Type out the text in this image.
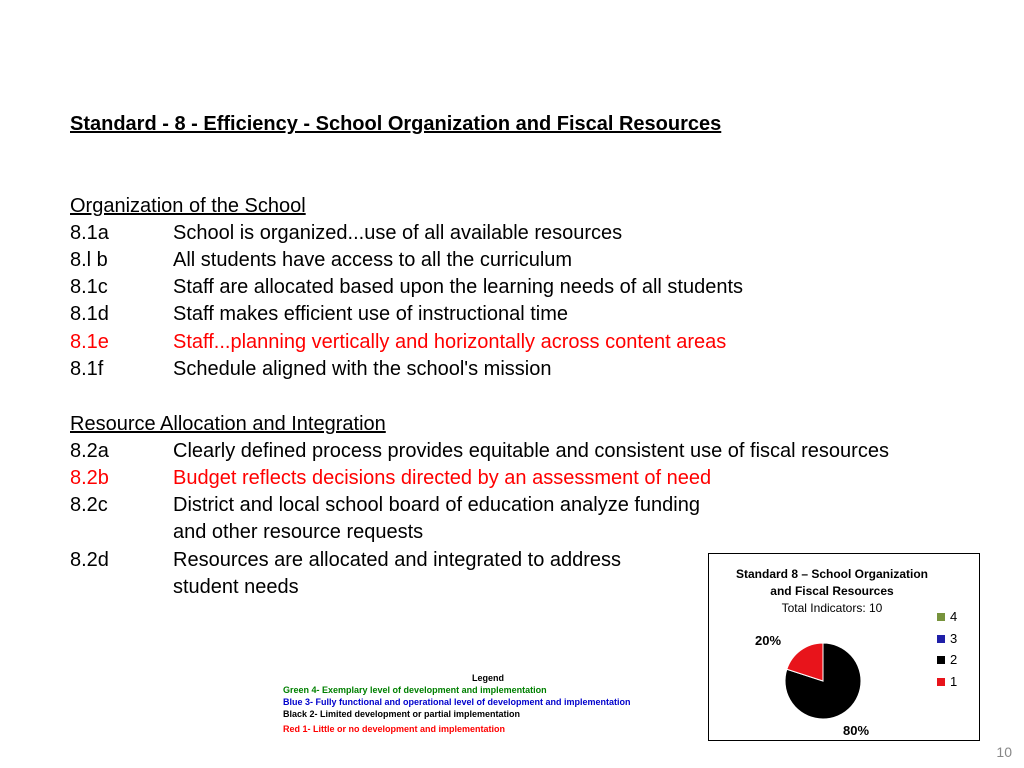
Standard - 8 - Efficiency - School Organization and Fiscal Resources
Organization of the School
8.1a	School is organized...use of all available resources
8.l b	All students have access to all the curriculum
8.1c	Staff are allocated based upon the learning needs of all students
8.1d	Staff makes efficient use of instructional time
8.1e	Staff...planning vertically and horizontally across content areas
8.1f	Schedule aligned with the school's mission
Resource Allocation and Integration
8.2a	Clearly defined process provides equitable and consistent use of fiscal resources
8.2b	Budget reflects decisions directed by an assessment of need
8.2c	District and local school board of education analyze funding
and other resource requests
8.2d	Resources are allocated and integrated to address
student needs
Legend
Green 4- Exemplary level of development and implementation
Blue 3- Fully functional and operational level of development and implementation
Black 2- Limited development or partial implementation
Red 1- Little or no development and implementation
Standard 8 – School Organization
and Fiscal Resources
Total Indicators: 10
20%
80%
4
3
2
1
10
